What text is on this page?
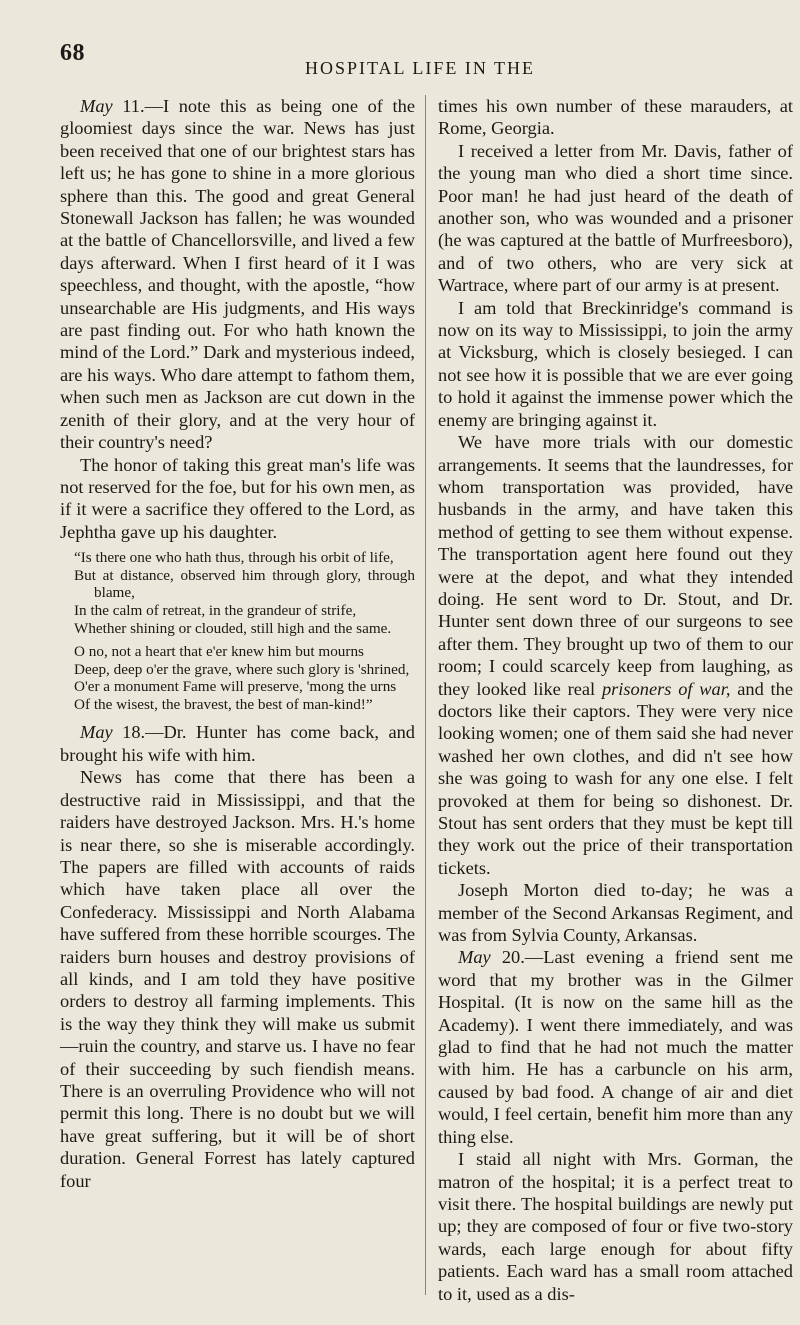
68
HOSPITAL LIFE IN THE

May 11.—I note this as being one of the gloomiest days since the war. News has just been received that one of our brightest stars has left us; he has gone to shine in a more glorious sphere than this. The good and great General Stonewall Jackson has fallen; he was wounded at the battle of Chancellorsville, and lived a few days afterward. When I first heard of it I was speechless, and thought, with the apostle, “how unsearchable are His judgments, and His ways are past finding out. For who hath known the mind of the Lord.” Dark and mysterious indeed, are his ways. Who dare attempt to fathom them, when such men as Jackson are cut down in the zenith of their glory, and at the very hour of their country's need?

The honor of taking this great man's life was not reserved for the foe, but for his own men, as if it were a sacrifice they offered to the Lord, as Jephtha gave up his daughter.

“Is there one who hath thus, through his orbit of life,
But at distance, observed him through glory, through blame,
In the calm of retreat, in the grandeur of strife,
Whether shining or clouded, still high and the same.
O no, not a heart that e'er knew him but mourns
Deep, deep o'er the grave, where such glory is 'shrined,
O'er a monument Fame will preserve, 'mong the urns
Of the wisest, the bravest, the best of man-kind!”

May 18.—Dr. Hunter has come back, and brought his wife with him.

News has come that there has been a destructive raid in Mississippi, and that the raiders have destroyed Jackson. Mrs. H.'s home is near there, so she is miserable accordingly. The papers are filled with accounts of raids which have taken place all over the Confederacy. Mississippi and North Alabama have suffered from these horrible scourges. The raiders burn houses and destroy provisions of all kinds, and I am told they have positive orders to destroy all farming implements. This is the way they think they will make us submit—ruin the country, and starve us. I have no fear of their succeeding by such fiendish means. There is an overruling Providence who will not permit this long. There is no doubt but we will have great suffering, but it will be of short duration. General Forrest has lately captured four

times his own number of these marauders, at Rome, Georgia.

I received a letter from Mr. Davis, father of the young man who died a short time since. Poor man! he had just heard of the death of another son, who was wounded and a prisoner (he was captured at the battle of Murfreesboro), and of two others, who are very sick at Wartrace, where part of our army is at present.

I am told that Breckinridge's command is now on its way to Mississippi, to join the army at Vicksburg, which is closely besieged. I can not see how it is possible that we are ever going to hold it against the immense power which the enemy are bringing against it.

We have more trials with our domestic arrangements. It seems that the laundresses, for whom transportation was provided, have husbands in the army, and have taken this method of getting to see them without expense. The transportation agent here found out they were at the depot, and what they intended doing. He sent word to Dr. Stout, and Dr. Hunter sent down three of our surgeons to see after them. They brought up two of them to our room; I could scarcely keep from laughing, as they looked like real prisoners of war, and the doctors like their captors. They were very nice looking women; one of them said she had never washed her own clothes, and did n't see how she was going to wash for any one else. I felt provoked at them for being so dishonest. Dr. Stout has sent orders that they must be kept till they work out the price of their transportation tickets.

Joseph Morton died to-day; he was a member of the Second Arkansas Regiment, and was from Sylvia County, Arkansas.

May 20.—Last evening a friend sent me word that my brother was in the Gilmer Hospital. (It is now on the same hill as the Academy). I went there immediately, and was glad to find that he had not much the matter with him. He has a carbuncle on his arm, caused by bad food. A change of air and diet would, I feel certain, benefit him more than any thing else.

I staid all night with Mrs. Gorman, the matron of the hospital; it is a perfect treat to visit there. The hospital buildings are newly put up; they are composed of four or five two-story wards, each large enough for about fifty patients. Each ward has a small room attached to it, used as a dis-
